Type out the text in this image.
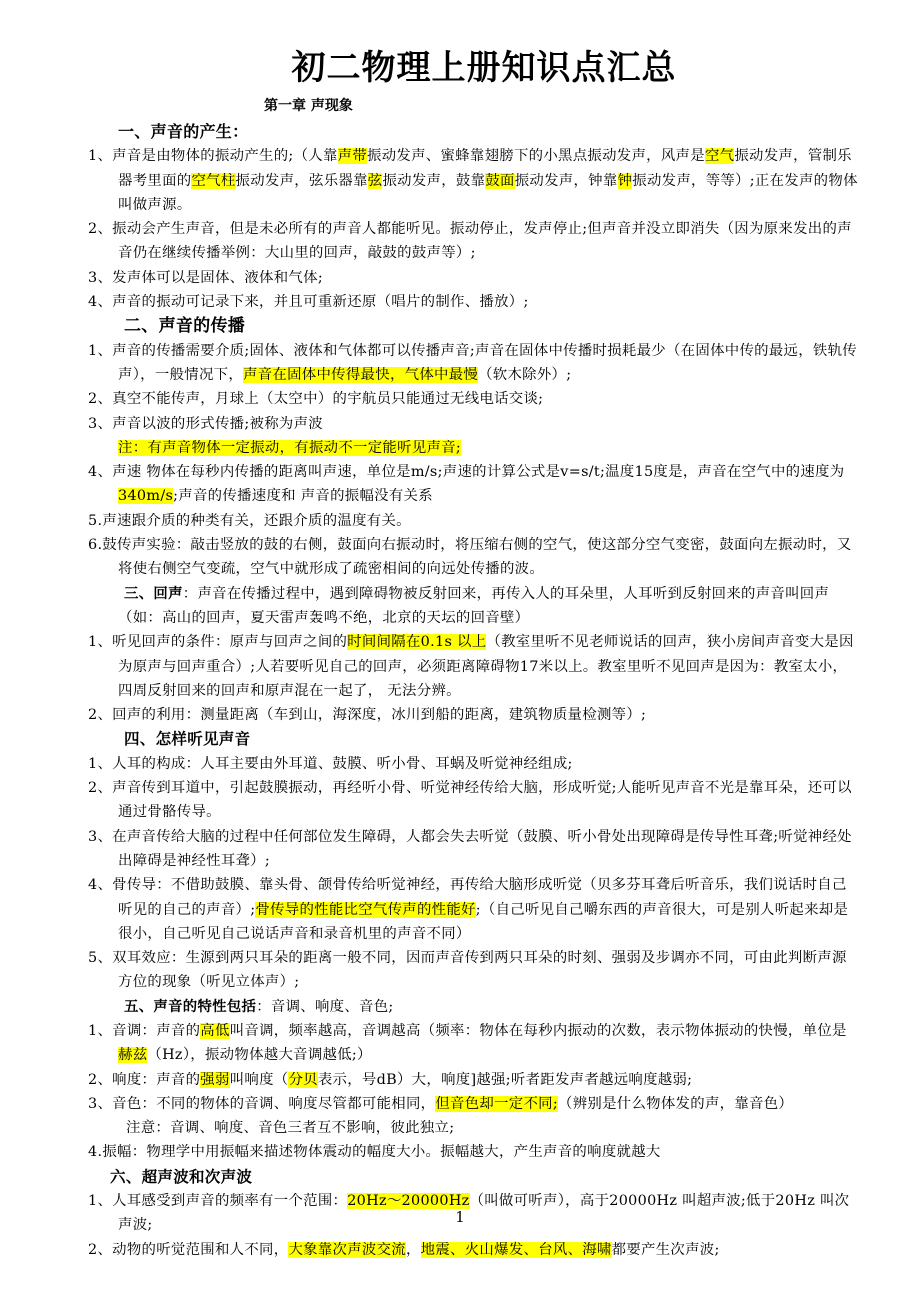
初二物理上册知识点汇总
第一章 声现象
一、声音的产生：
1、声音是由物体的振动产生的;（人靠声带振动发声、蜜蜂靠翅膀下的小黑点振动发声，风声是空气振动发声，管制乐器考里面的空气柱振动发声，弦乐器靠弦振动发声，鼓靠鼓面振动发声，钟靠钟振动发声，等等）;正在发声的物体叫做声源。
2、振动会产生声音，但是未必所有的声音人都能听见。振动停止，发声停止;但声音并没立即消失（因为原来发出的声音仍在继续传播举例：大山里的回声，敲鼓的鼓声等）;
3、发声体可以是固体、液体和气体;
4、声音的振动可记录下来，并且可重新还原（唱片的制作、播放）;
二、声音的传播
1、声音的传播需要介质;固体、液体和气体都可以传播声音;声音在固体中传播时损耗最少（在固体中传的最远，铁轨传声），一般情况下，声音在固体中传得最快，气体中最慢（软木除外）;
2、真空不能传声，月球上（太空中）的宇航员只能通过无线电话交谈;
3、声音以波的形式传播;被称为声波
注：有声音物体一定振动，有振动不一定能听见声音;
4、声速 物体在每秒内传播的距离叫声速，单位是m/s;声速的计算公式是v=s/t;温度15度是，声音在空气中的速度为340m/s;声音的传播速度和 声音的振幅没有关系
5.声速跟介质的种类有关，还跟介质的温度有关。
6.鼓传声实验：敲击竖放的鼓的右侧，鼓面向右振动时，将压缩右侧的空气，使这部分空气变密，鼓面向左振动时，又将使右侧空气变疏，空气中就形成了疏密相间的向远处传播的波。
三、回声：声音在传播过程中，遇到障碍物被反射回来，再传入人的耳朵里，人耳听到反射回来的声音叫回声（如：高山的回声，夏天雷声轰鸣不绝，北京的天坛的回音壁）
1、听见回声的条件：原声与回声之间的时间间隔在0.1s 以上（教室里听不见老师说话的回声，狭小房间声音变大是因为原声与回声重合）;人若要听见自己的回声，必须距离障碍物17米以上。教室里听不见回声是因为：教室太小，四周反射回来的回声和原声混在一起了， 无法分辨。
2、回声的利用：测量距离（车到山，海深度，冰川到船的距离，建筑物质量检测等）;
四、怎样听见声音
1、人耳的构成：人耳主要由外耳道、鼓膜、听小骨、耳蜗及听觉神经组成;
2、声音传到耳道中，引起鼓膜振动，再经听小骨、听觉神经传给大脑，形成听觉;人能听见声音不光是靠耳朵，还可以通过骨骼传导。
3、在声音传给大脑的过程中任何部位发生障碍，人都会失去听觉（鼓膜、听小骨处出现障碍是传导性耳聋;听觉神经处出障碍是神经性耳聋）;
4、骨传导：不借助鼓膜、靠头骨、颌骨传给听觉神经，再传给大脑形成听觉（贝多芬耳聋后听音乐，我们说话时自己听见的自己的声音）;骨传导的性能比空气传声的性能好;（自己听见自己嚼东西的声音很大，可是别人听起来却是很小，自己听见自己说话声音和录音机里的声音不同）
5、双耳效应：生源到两只耳朵的距离一般不同，因而声音传到两只耳朵的时刻、强弱及步调亦不同，可由此判断声源方位的现象（听见立体声）;
五、声音的特性包括：音调、响度、音色;
1、音调：声音的高低叫音调，频率越高，音调越高（频率：物体在每秒内振动的次数，表示物体振动的快慢，单位是赫兹（Hz），振动物体越大音调越低;）
2、响度：声音的强弱叫响度（分贝表示，号dB）大，响度]越强;听者距发声者越远响度越弱;
3、音色：不同的物体的音调、响度尽管都可能相同，但音色却一定不同;（辨别是什么物体发的声，靠音色）
注意：音调、响度、音色三者互不影响，彼此独立;
4.振幅：物理学中用振幅来描述物体震动的幅度大小。振幅越大，产生声音的响度就越大
六、超声波和次声波
1、人耳感受到声音的频率有一个范围：20Hz～20000Hz（叫做可听声），高于20000Hz 叫超声波;低于20Hz 叫次声波;
2、动物的听觉范围和人不同，大象靠次声波交流，地震、火山爆发、台风、海啸都要产生次声波;
1
